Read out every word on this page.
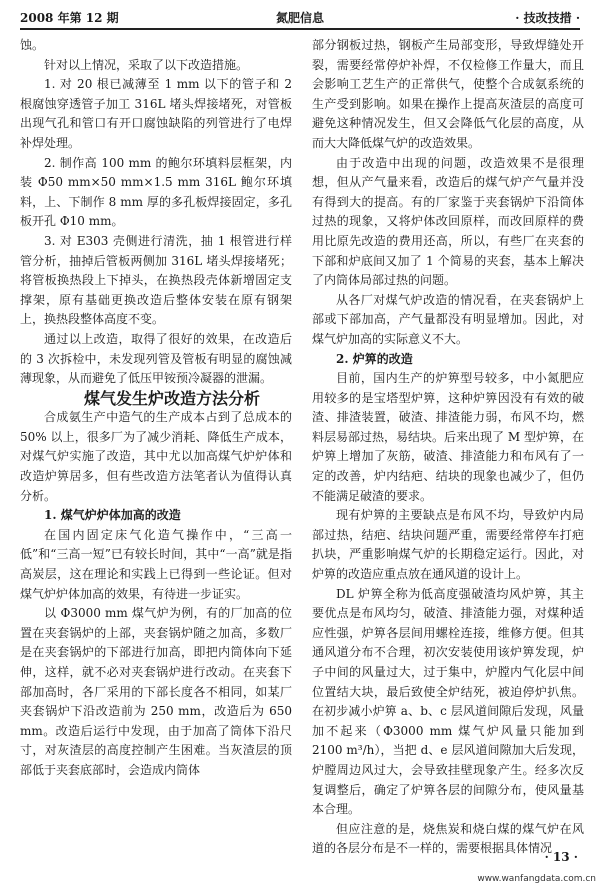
2008 年第 12 期	氮肥信息	· 技改技措 ·

蚀。

针对以上情况，采取了以下改造措施。

1. 对 20 根已减薄至 1 mm 以下的管子和 2 根腐蚀穿透管子加工 316L 堵头焊接堵死，对管板出现气孔和管口有开口腐蚀缺陷的列管进行了电焊补焊处理。

2. 制作高 100 mm 的鲍尔环填料层框架，内装 Φ50 mm×50 mm×1.5 mm 316L 鲍尔环填料，上、下制作 8 mm 厚的多孔板焊接固定，多孔板开孔 Φ10 mm。

3. 对 E303 壳侧进行清洗，抽 1 根管进行样管分析，抽掉后管板两侧加 316L 堵头焊接堵死；将管板换热段上下掉头，在换热段壳体新增固定支撑架，原有基础更换改造后整体安装在原有钢架上，换热段整体高度不变。

通过以上改造，取得了很好的效果，在改造后的 3 次拆检中，未发现列管及管板有明显的腐蚀减薄现象，从而避免了低压甲铵预冷凝器的泄漏。

煤气发生炉改造方法分析

合成氨生产中造气的生产成本占到了总成本的 50% 以上，很多厂为了减少消耗、降低生产成本，对煤气炉实施了改造，其中尤以加高煤气炉炉体和改造炉箅居多，但有些改造方法笔者认为值得认真分析。

1. 煤气炉炉体加高的改造

在国内固定床气化造气操作中，“三高一低”和“三高一短”已有较长时间，其中“一高”就是指高炭层，这在理论和实践上已得到一些论证。但对煤气炉炉体加高的效果，有待进一步证实。

以 Φ3000 mm 煤气炉为例，有的厂加高的位置在夹套锅炉的上部，夹套锅炉随之加高，多数厂是在夹套锅炉的下部进行加高，即把内筒体向下延伸，这样，就不必对夹套锅炉进行改动。在夹套下部加高时，各厂采用的下部长度各不相同，如某厂夹套锅炉下沿改造前为 250 mm，改造后为 650 mm。改造后运行中发现，由于加高了筒体下沿尺寸，对灰渣层的高度控制产生困难。当灰渣层的顶部低于夹套底部时，会造成内筒体

部分钢板过热，钢板产生局部变形，导致焊缝处开裂，需要经常停炉补焊，不仅检修工作量大，而且会影响工艺生产的正常供气，使整个合成氨系统的生产受到影响。如果在操作上提高灰渣层的高度可避免这种情况发生，但又会降低气化层的高度，从而大大降低煤气炉的改造效果。

由于改造中出现的问题，改造效果不是很理想，但从产气量来看，改造后的煤气炉产气量并没有得到大的提高。有的厂家鉴于夹套锅炉下沿筒体过热的现象，又将炉体改回原样，而改回原样的费用比原先改造的费用还高，所以，有些厂在夹套的下部和炉底间又加了 1 个简易的夹套，基本上解决了内筒体局部过热的问题。

从各厂对煤气炉改造的情况看，在夹套锅炉上部或下部加高，产气量都没有明显增加。因此，对煤气炉加高的实际意义不大。

2. 炉箅的改造

目前，国内生产的炉箅型号较多，中小氮肥应用较多的是宝塔型炉箅，这种炉箅因没有有效的破渣、排渣装置，破渣、排渣能力弱，布风不均，燃料层易部过热，易结块。后来出现了 M 型炉箅，在炉箅上增加了灰筋，破渣、排渣能力和布风有了一定的改善，炉内结疤、结块的现象也减少了，但仍不能满足破渣的要求。

现有炉箅的主要缺点是布风不均，导致炉内局部过热，结疤、结块问题严重，需要经常停车打疤扒块，严重影响煤气炉的长期稳定运行。因此，对炉箅的改造应重点放在通风道的设计上。

DL 炉箅全称为低高度强破渣均风炉箅，其主要优点是布风均匀，破渣、排渣能力强，对煤种适应性强，炉箅各层间用螺栓连接，维修方便。但其通风道分布不合理，初次安装使用该炉箅发现，炉子中间的风量过大，过于集中，炉膛内气化层中间位置结大块，最后致使全炉结死，被迫停炉扒焦。在初步减小炉箅 a、b、c 层风道间隙后发现，风量加不起来（Φ3000 mm 煤气炉风量只能加到 2100 m³/h），当把 d、e 层风道间隙加大后发现，炉膛周边风过大，会导致挂壁现象产生。经多次反复调整后，确定了炉箅各层的间隙分布，使风量基本合理。

但应注意的是，烧焦炭和烧白煤的煤气炉在风道的各层分布是不一样的，需要根据具体情况

· 13 ·
www.wanfangdata.com.cn
